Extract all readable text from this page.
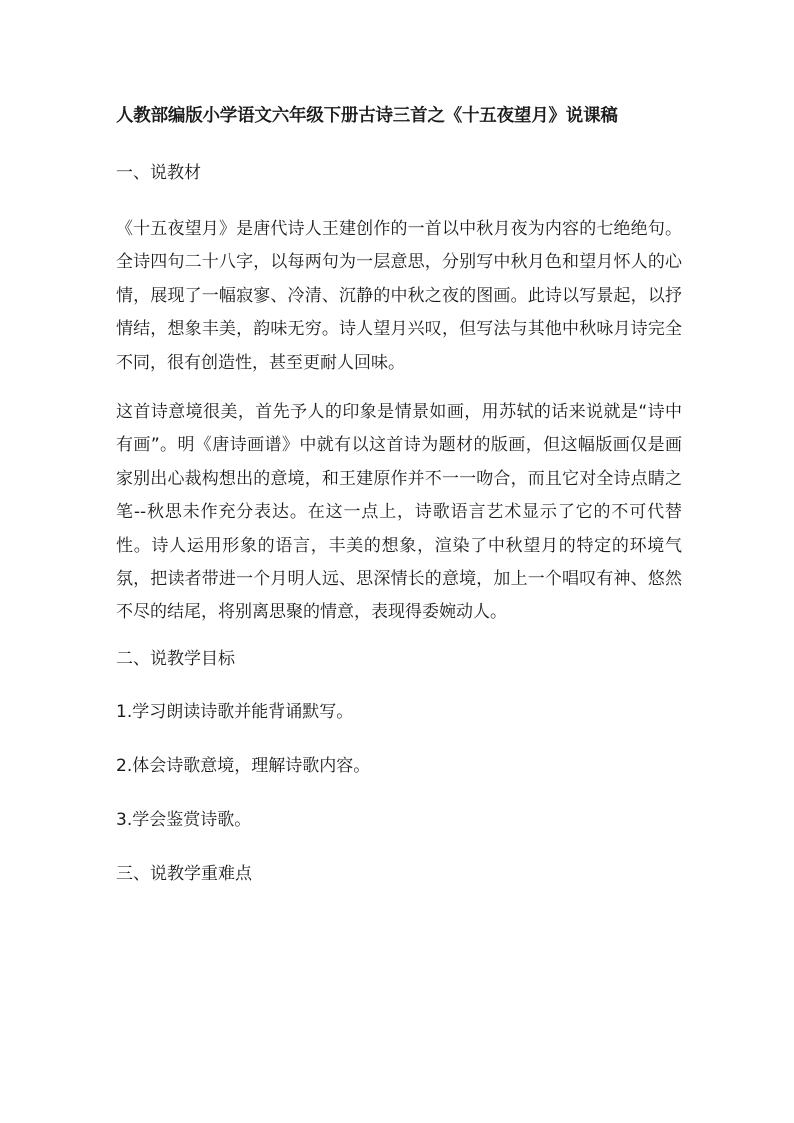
人教部编版小学语文六年级下册古诗三首之《十五夜望月》说课稿
一、说教材

《十五夜望月》是唐代诗人王建创作的一首以中秋月夜为内容的七绝绝句。全诗四句二十八字，以每两句为一层意思，分别写中秋月色和望月怀人的心情，展现了一幅寂寥、冷清、沉静的中秋之夜的图画。此诗以写景起，以抒情结，想象丰美，韵味无穷。诗人望月兴叹，但写法与其他中秋咏月诗完全不同，很有创造性，甚至更耐人回味。

这首诗意境很美，首先予人的印象是情景如画，用苏轼的话来说就是“诗中有画”。明《唐诗画谱》中就有以这首诗为题材的版画，但这幅版画仅是画家别出心裁构想出的意境，和王建原作并不一一吻合，而且它对全诗点睛之笔--秋思未作充分表达。在这一点上，诗歌语言艺术显示了它的不可代替性。诗人运用形象的语言，丰美的想象，渲染了中秋望月的特定的环境气氛，把读者带进一个月明人远、思深情长的意境，加上一个唱叹有神、悠然不尽的结尾，将别离思聚的情意，表现得委婉动人。

二、说教学目标
1.学习朗读诗歌并能背诵默写。
2.体会诗歌意境，理解诗歌内容。
3.学会鉴赏诗歌。
三、说教学重难点
